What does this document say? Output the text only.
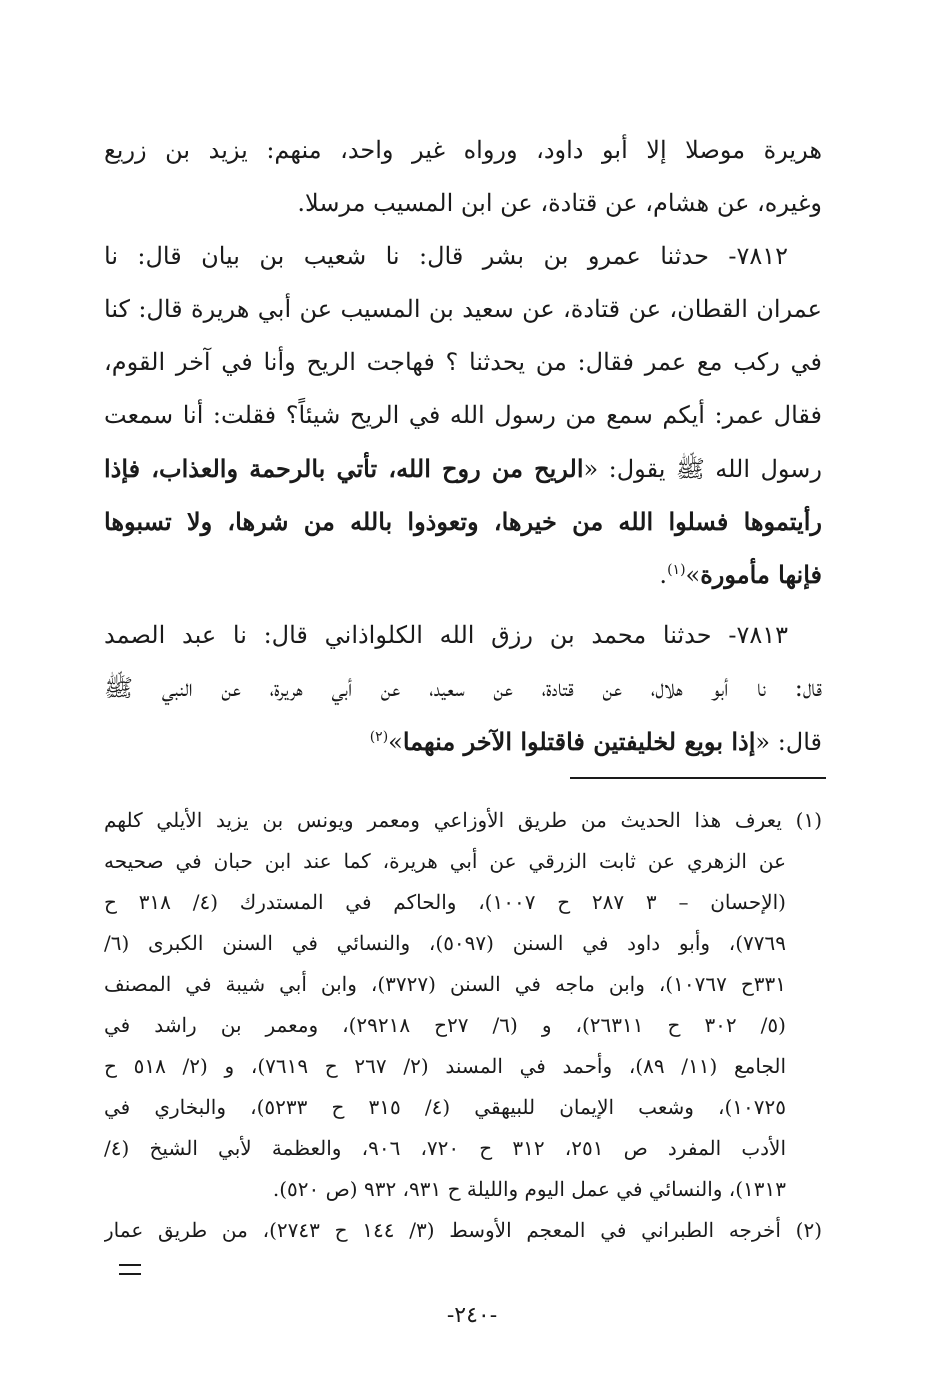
هريرة موصلا إلا أبو داود، ورواه غير واحد، منهم: يزيد بن زريع
وغيره، عن هشام، عن قتادة، عن ابن المسيب مرسلا.
٧٨١٢- حدثنا عمرو بن بشر قال: نا شعيب بن بيان قال: نا
عمران القطان، عن قتادة، عن سعيد بن المسيب عن أبي هريرة قال: كنا
في ركب مع عمر فقال: من يحدثنا ؟ فهاجت الريح وأنا في آخر القوم،
فقال عمر: أيكم سمع من رسول الله في الريح شيئاً؟ فقلت: أنا سمعت
رسول الله ﷺ يقول: «الريح من روح الله، تأتي بالرحمة والعذاب، فإذا
رأيتموها فسلوا الله من خيرها، وتعوذوا بالله من شرها، ولا تسبوها
فإنها مأمورة»$^{(١)}$.
٧٨١٣- حدثنا محمد بن رزق الله الكلواذاني قال: نا عبد الصمد
قال: نا أبو هلال، عن قتادة، عن سعيد، عن أبي هريرة، عن النبي ﷺ
قال: «إذا بويع لخليفتين فاقتلوا الآخر منهما»$^{(٢)}$
(١) يعرف هذا الحديث من طريق الأوزاعي ومعمر ويونس بن يزيد الأيلي كلهم
عن الزهري عن ثابت الزرقي عن أبي هريرة، كما عند ابن حبان في صحيحه
(الإحسان – ٣ ٢٨٧ ح ١٠٠٧)، والحاكم في المستدرك (٤/ ٣١٨ ح
٧٧٦٩)، وأبو داود في السنن (٥٠٩٧)، والنسائي في السنن الكبرى (٦/
٣٣١ح ١٠٧٦٧)، وابن ماجه في السنن (٣٧٢٧)، وابن أبي شيبة في المصنف
(٥/ ٣٠٢ ح ٢٦٣١١)، و (٦/ ٢٧ح ٢٩٢١٨)، ومعمر بن راشد في
الجامع (١١/ ٨٩)، وأحمد في المسند (٢/ ٢٦٧ ح ٧٦١٩)، و (٢/ ٥١٨ ح
١٠٧٢٥)، وشعب الإيمان للبيهقي (٤/ ٣١٥ ح ٥٢٣٣)، والبخاري في
الأدب المفرد ص ٢٥١، ٣١٢ ح ٧٢٠، ٩٠٦، والعظمة لأبي الشيخ (٤/
١٣١٣)، والنسائي في عمل اليوم والليلة ح ٩٣١، ٩٣٢ (ص ٥٢٠).
(٢) أخرجه الطبراني في المعجم الأوسط (٣/ ١٤٤ ح ٢٧٤٣)، من طريق عمار
-٢٤٠-
